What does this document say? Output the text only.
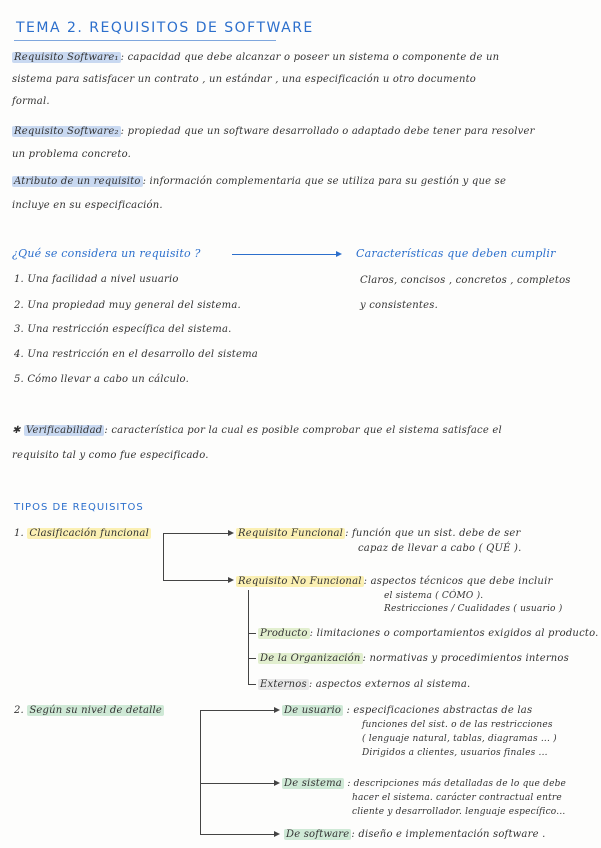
TEMA 2. REQUISITOS DE SOFTWARE
Requisito Software₁ : capacidad que debe alcanzar o poseer un sistema o componente de un
sistema para satisfacer un contrato , un estándar , una especificación u otro documento
formal.
Requisito Software₂ : propiedad que un software desarrollado o adaptado debe tener para resolver
un problema concreto.
Atributo de un requisito : información complementaria que se utiliza para su gestión y que se
incluye en su especificación.
¿Qué se considera un requisito ?	Características que deben cumplir
1. Una facilidad a nivel usuario
2. Una propiedad muy general del sistema.
3. Una restricción específica del sistema.
4. Una restricción en el desarrollo del sistema
5. Cómo llevar a cabo un cálculo.
Claros, concisos , concretos , completos
y consistentes.
✱ Verificabilidad : característica por la cual es posible comprobar que el sistema satisface el
requisito tal y como fue especificado.
TIPOS DE REQUISITOS
1. Clasificación funcional	Requisito Funcional : función que un sist. debe de ser
capaz de llevar a cabo ( QUÉ ).
Requisito No Funcional : aspectos técnicos que debe incluir
el sistema ( CÓMO ).
Restricciones / Cualidades ( usuario )
Producto : limitaciones o comportamientos exigidos al producto.
De la Organización : normativas y procedimientos internos
Externos : aspectos externos al sistema.
2. Según su nivel de detalle	De usuario : especificaciones abstractas de las
funciones del sist. o de las restricciones
( lenguaje natural, tablas, diagramas ... )
Dirigidos a clientes, usuarios finales ...
De sistema : descripciones más detalladas de lo que debe
hacer el sistema. carácter contractual entre
cliente y desarrollador. lenguaje específico...
De software : diseño e implementación software .
